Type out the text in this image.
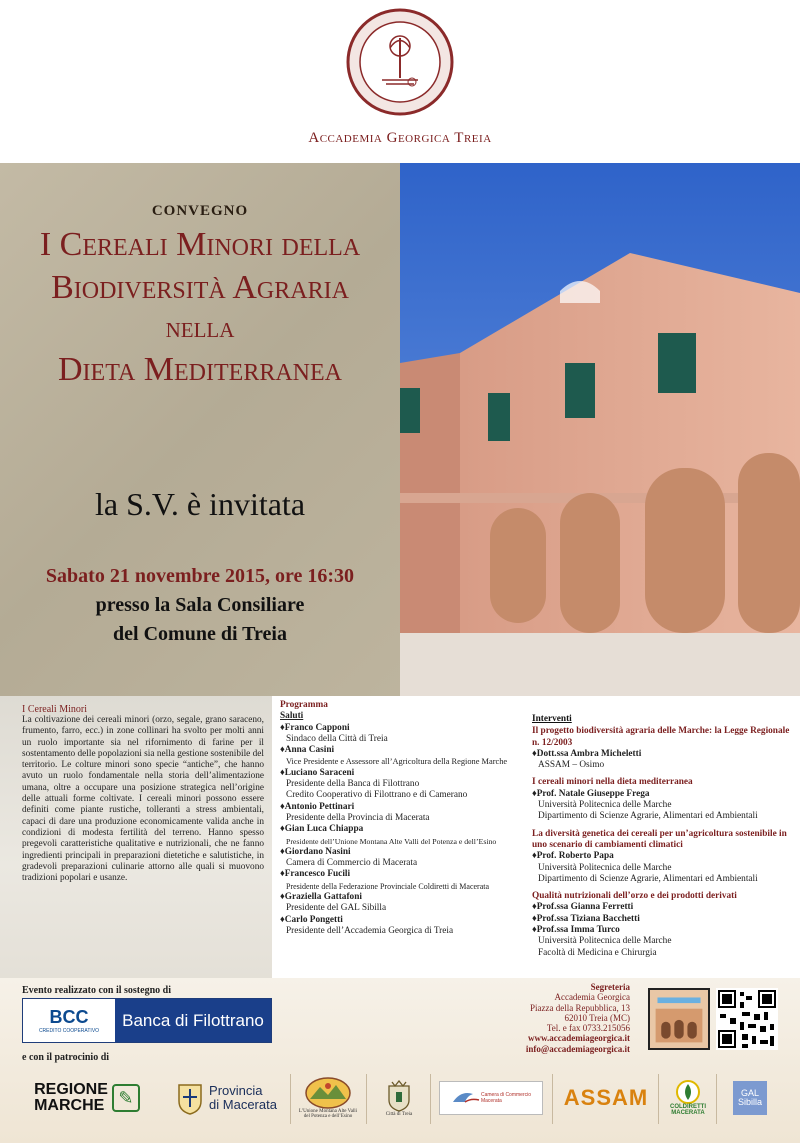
Accademia Georgica Treia
CONVEGNO
I Cereali Minori della
Biodiversità Agraria
nella
Dieta Mediterranea
la S.V. è invitata
Sabato 21 novembre 2015, ore 16:30
presso la Sala Consiliare
del Comune di Treia
I Cereali Minori
La coltivazione dei cereali minori (orzo, segale, grano saraceno, frumento, farro, ecc.) in zone collinari ha svolto per molti anni un ruolo importante sia nel rifornimento di farine per il sostentamento delle popolazioni sia nella gestione sostenibile del territorio. Le colture minori sono specie “antiche”, che hanno avuto un ruolo fondamentale nella storia dell’alimentazione umana, oltre a occupare una posizione strategica nell’origine delle attuali forme coltivate. I cereali minori possono essere definiti come piante rustiche, tolleranti a stress ambientali, capaci di dare una produzione economicamente valida anche in condizioni di modesta fertilità del terreno. Hanno spesso pregevoli caratteristiche qualitative e nutrizionali, che ne fanno ingredienti principali in preparazioni dietetiche e salutistiche, in gradevoli preparazioni culinarie attorno alle quali si muovono tradizioni popolari e usanze.
Programma
Saluti
♦Franco Capponi
Sindaco della Città di Treia
♦Anna Casini
Vice Presidente e Assessore all’Agricoltura della Regione Marche
♦Luciano Saraceni
Presidente della Banca di Filottrano
Credito Cooperativo di Filottrano e di Camerano
♦Antonio Pettinari
Presidente della Provincia di Macerata
♦Gian Luca Chiappa
Presidente dell’Unione Montana Alte Valli del Potenza e dell’Esino
♦Giordano Nasini
Camera di Commercio di Macerata
♦Francesco Fucili
Presidente della Federazione Provinciale Coldiretti di Macerata
♦Graziella Gattafoni
Presidente del GAL Sibilla
♦Carlo Pongetti
Presidente dell’Accademia Georgica di Treia
Interventi
Il progetto biodiversità agraria delle Marche: la Legge Regionale n. 12/2003
♦Dott.ssa Ambra Micheletti
ASSAM – Osimo
I cereali minori nella dieta mediterranea
♦Prof. Natale Giuseppe Frega
Università Politecnica delle Marche
Dipartimento di Scienze Agrarie, Alimentari ed Ambientali
La diversità genetica dei cereali per un’agricoltura sostenibile in uno scenario di cambiamenti climatici
♦Prof. Roberto Papa
Università Politecnica delle Marche
Dipartimento di Scienze Agrarie, Alimentari ed Ambientali
Qualità nutrizionali dell’orzo e dei prodotti derivati
♦Prof.ssa Gianna Ferretti
♦Prof.ssa Tiziana Bacchetti
♦Prof.ssa Imma Turco
Università Politecnica delle Marche
Facoltà di Medicina e Chirurgia
Evento realizzato con il sostegno di
BCC
CREDITO COOPERATIVO
Banca di Filottrano
e con il patrocinio di
Segreteria
Accademia Georgica
Piazza della Repubblica, 13
62010 Treia (MC)
Tel. e fax 0733.215056
www.accademiageorgica.it
info@accademiageorgica.it
REGIONE
MARCHE ✎	Provincia
di Macerata	L’Unione Montana Alte Valli del Potenza e dell’Esino	Città di Treia
Camera di Commercio
Macerata	ASSAM	COLDIRETTI
MACERATA
GAL
Sibilla
